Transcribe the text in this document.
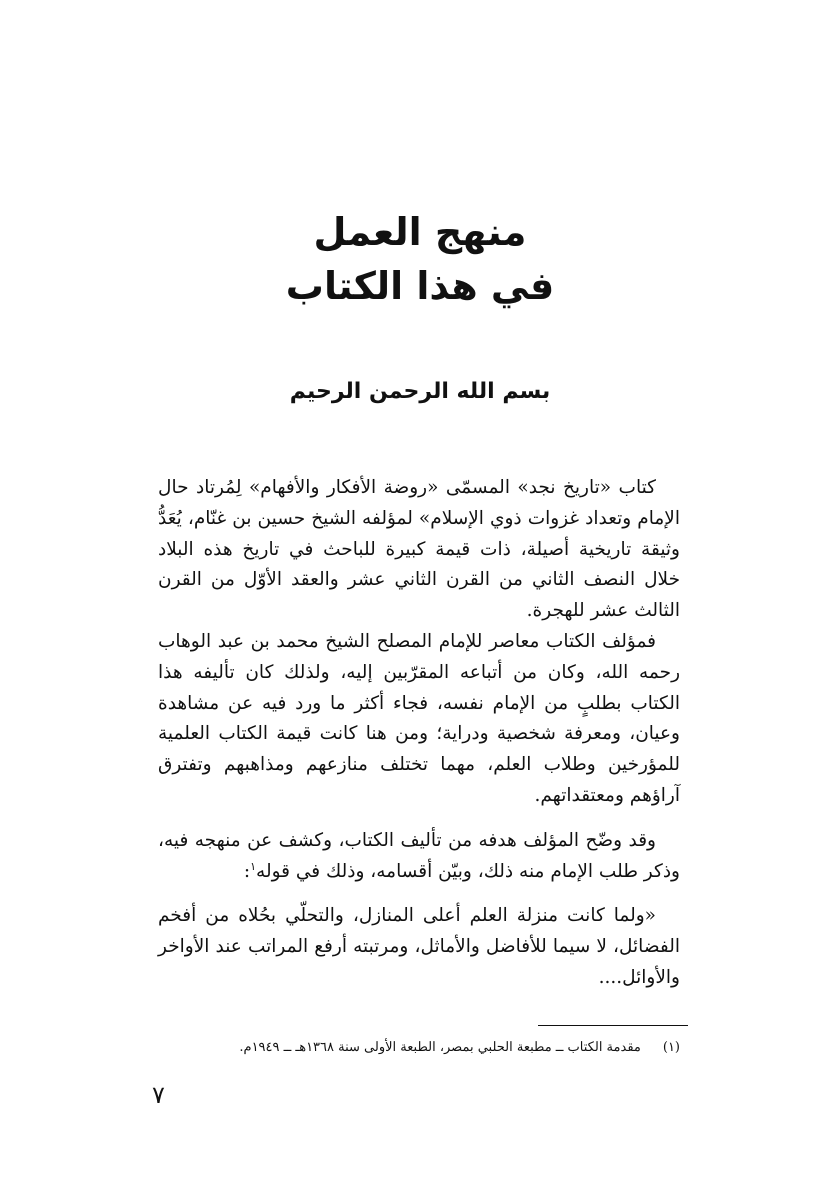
منهج العمل
في هذا الكتاب
بسم الله الرحمن الرحيم

كتاب «تاريخ نجد» المسمّى «روضة الأفكار والأفهام» لِمُرتاد حال الإمام وتعداد غزوات ذوي الإسلام» لمؤلفه الشيخ حسين بن غنّام، يُعَدُّ وثيقة تاريخية أصيلة، ذات قيمة كبيرة للباحث في تاريخ هذه البلاد خلال النصف الثاني من القرن الثاني عشر والعقد الأوّل من القرن الثالث عشر للهجرة.

فمؤلف الكتاب معاصر للإمام المصلح الشيخ محمد بن عبد الوهاب رحمه الله، وكان من أتباعه المقرّبين إليه، ولذلك كان تأليفه هذا الكتاب بطلبٍ من الإمام نفسه، فجاء أكثر ما ورد فيه عن مشاهدة وعيان، ومعرفة شخصية ودراية؛ ومن هنا كانت قيمة الكتاب العلمية للمؤرخين وطلاب العلم، مهما تختلف منازعهم ومذاهبهم وتفترق آراؤهم ومعتقداتهم.

وقد وضّح المؤلف هدفه من تأليف الكتاب، وكشف عن منهجه فيه، وذكر طلب الإمام منه ذلك، وبيّن أقسامه، وذلك في قوله$^١$:

«ولما كانت منزلة العلم أعلى المنازل، والتحلّي بحُلاه من أفخم الفضائل، لا سيما للأفاضل والأماثل، ومرتبته أرفع المراتب عند الأواخر والأوائل....

(١)مقدمة الكتاب ــ مطبعة الحلبي بمصر، الطبعة الأولى سنة ١٣٦٨هـ ــ ١٩٤٩م.
٧
